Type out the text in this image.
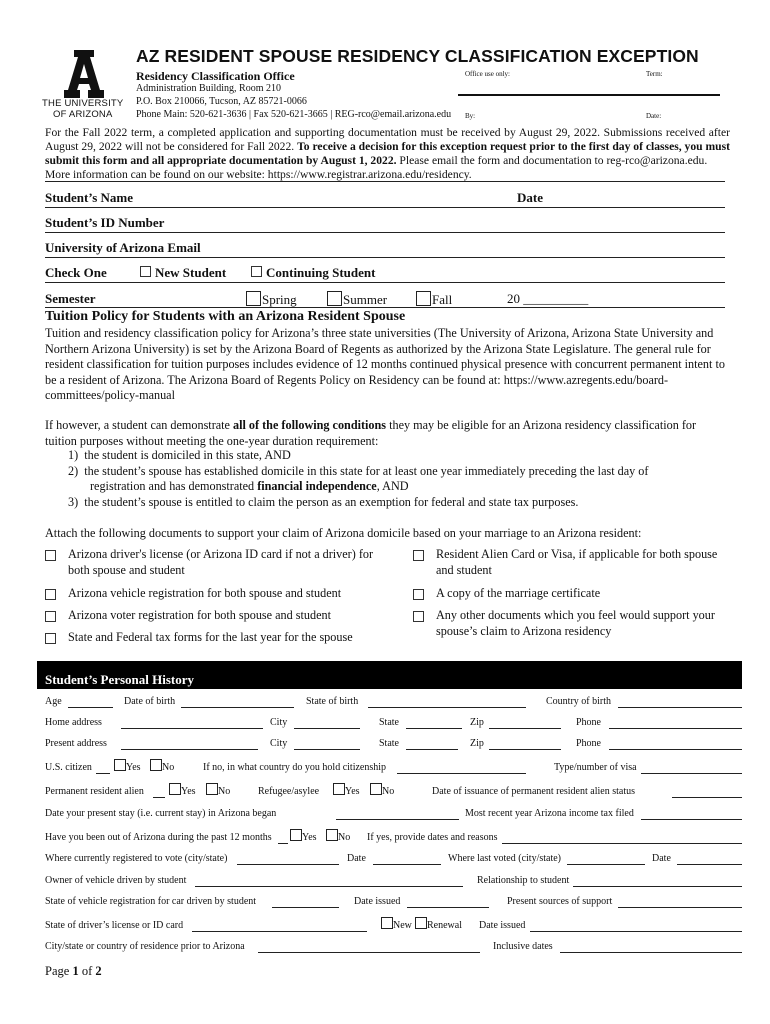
THE UNIVERSITY
OF ARIZONA
AZ RESIDENT SPOUSE RESIDENCY CLASSIFICATION EXCEPTION
Residency Classification Office
Administration Building, Room 210
P.O. Box 210066, Tucson, AZ 85721-0066
Phone Main: 520-621-3636 | Fax 520-621-3665 | REG-rco@email.arizona.edu
Office use only:	Term:
By:	Date:
For the Fall 2022 term, a completed application and supporting documentation must be received by August 29, 2022. Submissions received after August 29, 2022 will not be considered for Fall 2022. To receive a decision for this exception request prior to the first day of classes, you must submit this form and all appropriate documentation by August 1, 2022. Please email the form and documentation to reg-rco@arizona.edu.
More information can be found on our website: https://www.registrar.arizona.edu/residency.
Student’s Name	Date
Student’s ID Number
University of Arizona Email
Check One	New Student	Continuing Student
Semester	Spring	Summer	Fall	20 __________
Tuition Policy for Students with an Arizona Resident Spouse
Tuition and residency classification policy for Arizona’s three state universities (The University of Arizona, Arizona State University and Northern Arizona University) is set by the Arizona Board of Regents as authorized by the Arizona State Legislature. The general rule for resident classification for tuition purposes includes evidence of 12 months continued physical presence with concurrent permanent intent to be a resident of Arizona. The Arizona Board of Regents Policy on Residency can be found at: https://www.azregents.edu/board-committees/policy-manual
If however, a student can demonstrate all of the following conditions they may be eligible for an Arizona residency classification for tuition purposes without meeting the one-year duration requirement:
1)  the student is domiciled in this state, AND
2)  the student’s spouse has established domicile in this state for at least one year immediately preceding the last day of
registration and has demonstrated financial independence, AND
3)  the student’s spouse is entitled to claim the person as an exemption for federal and state tax purposes.
Attach the following documents to support your claim of Arizona domicile based on your marriage to an Arizona resident:
Arizona driver's license (or Arizona ID card if not a driver) for both spouse and student
Arizona vehicle registration for both spouse and student
Arizona voter registration for both spouse and student
State and Federal tax forms for the last year for the spouse
Resident Alien Card or Visa, if applicable for both spouse and student
A copy of the marriage certificate
Any other documents which you feel would support your spouse’s claim to Arizona residency
Student’s Personal History
Age	Date of birth	State of birth	Country of birth
Home address	City	State	Zip	Phone
Present address	City	State	Zip	Phone
U.S. citizen	Yes	No	If no, in what country do you hold citizenship	Type/number of visa
Permanent resident alien	Yes	No	Refugee/asylee	Yes	No	Date of issuance of permanent resident alien status
Date your present stay (i.e. current stay) in Arizona began	Most recent year Arizona income tax filed
Have you been out of Arizona during the past 12 months	Yes	No If yes, provide dates and reasons
Where currently registered to vote (city/state)	Date	Where last voted (city/state)	Date
Owner of vehicle driven by student	Relationship to student
State of vehicle registration for car driven by student	Date issued	Present sources of support
State of driver’s license or ID card	New	Renewal Date issued
City/state or country of residence prior to Arizona	Inclusive dates
Page 1 of 2
